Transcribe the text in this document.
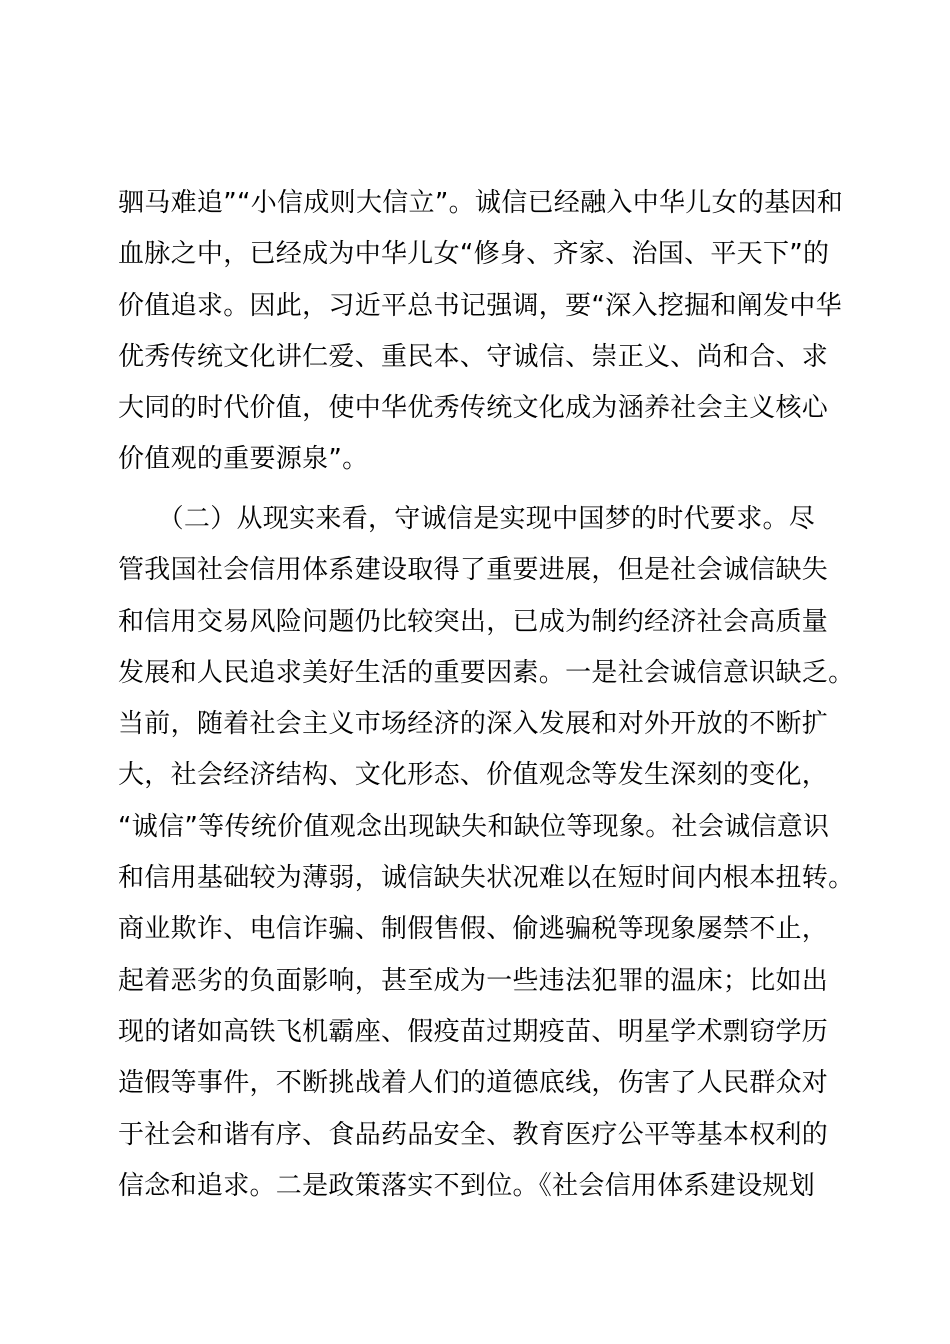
驷马难追”“小信成则大信立”。诚信已经融入中华儿女的基因和
血脉之中，已经成为中华儿女“修身、齐家、治国、平天下”的
价值追求。因此，习近平总书记强调，要“深入挖掘和阐发中华
优秀传统文化讲仁爱、重民本、守诚信、崇正义、尚和合、求
大同的时代价值，使中华优秀传统文化成为涵养社会主义核心
价值观的重要源泉”。
　　（二）从现实来看，守诚信是实现中国梦的时代要求。尽
管我国社会信用体系建设取得了重要进展，但是社会诚信缺失
和信用交易风险问题仍比较突出，已成为制约经济社会高质量
发展和人民追求美好生活的重要因素。一是社会诚信意识缺乏。
当前，随着社会主义市场经济的深入发展和对外开放的不断扩
大，社会经济结构、文化形态、价值观念等发生深刻的变化，
“诚信”等传统价值观念出现缺失和缺位等现象。社会诚信意识
和信用基础较为薄弱，诚信缺失状况难以在短时间内根本扭转。
商业欺诈、电信诈骗、制假售假、偷逃骗税等现象屡禁不止，
起着恶劣的负面影响，甚至成为一些违法犯罪的温床；比如出
现的诸如高铁飞机霸座、假疫苗过期疫苗、明星学术剽窃学历
造假等事件，不断挑战着人们的道德底线，伤害了人民群众对
于社会和谐有序、食品药品安全、教育医疗公平等基本权利的
信念和追求。二是政策落实不到位。《社会信用体系建设规划
